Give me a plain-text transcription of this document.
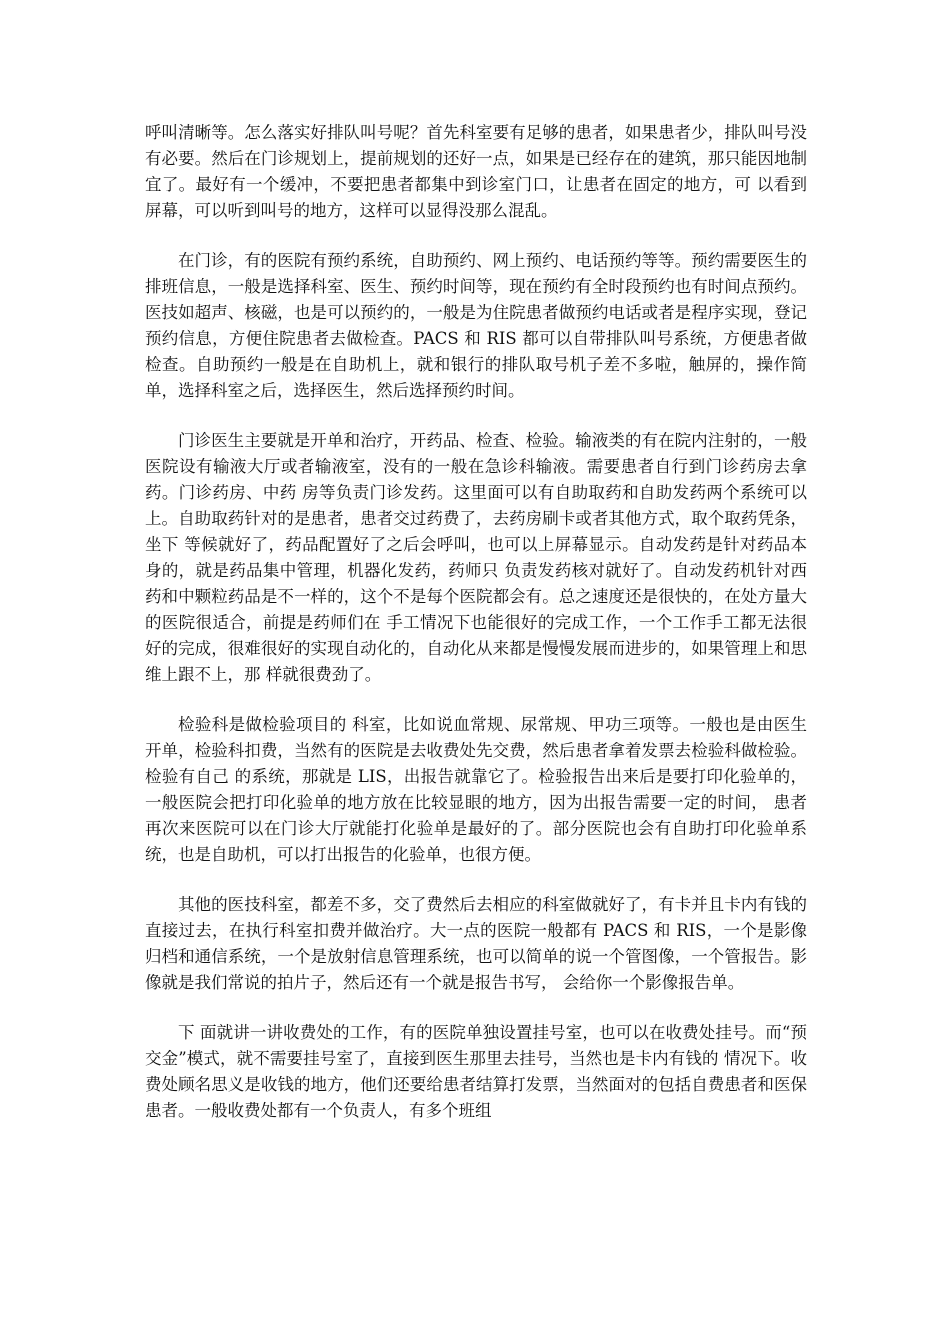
呼叫清晰等。怎么落实好排队叫号呢？首先科室要有足够的患者，如果患者少，排队叫号没有必要。然后在门诊规划上，提前规划的还好一点，如果是已经存在的建筑，那只能因地制宜了。最好有一个缓冲，不要把患者都集中到诊室门口，让患者在固定的地方，可 以看到屏幕，可以听到叫号的地方，这样可以显得没那么混乱。

在门诊，有的医院有预约系统，自助预约、网上预约、电话预约等等。预约需要医生的排班信息，一般是选择科室、医生、预约时间等，现在预约有全时段预约也有时间点预约。医技如超声、核磁，也是可以预约的，一般是为住院患者做预约电话或者是程序实现，登记预约信息，方便住院患者去做检查。PACS 和 RIS 都可以自带排队叫号系统，方便患者做检查。自助预约一般是在自助机上，就和银行的排队取号机子差不多啦，触屏的，操作简单，选择科室之后，选择医生，然后选择预约时间。

门诊医生主要就是开单和治疗，开药品、检查、检验。输液类的有在院内注射的，一般医院设有输液大厅或者输液室，没有的一般在急诊科输液。需要患者自行到门诊药房去拿药。门诊药房、中药 房等负责门诊发药。这里面可以有自助取药和自助发药两个系统可以上。自助取药针对的是患者，患者交过药费了，去药房刷卡或者其他方式，取个取药凭条，坐下 等候就好了，药品配置好了之后会呼叫，也可以上屏幕显示。自动发药是针对药品本身的，就是药品集中管理，机器化发药，药师只 负责发药核对就好了。自动发药机针对西药和中颗粒药品是不一样的，这个不是每个医院都会有。总之速度还是很快的，在处方量大的医院很适合，前提是药师们在 手工情况下也能很好的完成工作，一个工作手工都无法很好的完成，很难很好的实现自动化的，自动化从来都是慢慢发展而进步的，如果管理上和思维上跟不上，那 样就很费劲了。

检验科是做检验项目的 科室，比如说血常规、尿常规、甲功三项等。一般也是由医生开单，检验科扣费，当然有的医院是去收费处先交费，然后患者拿着发票去检验科做检验。检验有自己 的系统，那就是 LIS，出报告就靠它了。检验报告出来后是要打印化验单的，一般医院会把打印化验单的地方放在比较显眼的地方，因为出报告需要一定的时间， 患者再次来医院可以在门诊大厅就能打化验单是最好的了。部分医院也会有自助打印化验单系统，也是自助机，可以打出报告的化验单，也很方便。

其他的医技科室，都差不多，交了费然后去相应的科室做就好了，有卡并且卡内有钱的直接过去，在执行科室扣费并做治疗。大一点的医院一般都有 PACS 和 RIS，一个是影像归档和通信系统，一个是放射信息管理系统，也可以简单的说一个管图像，一个管报告。影像就是我们常说的拍片子，然后还有一个就是报告书写， 会给你一个影像报告单。

下 面就讲一讲收费处的工作，有的医院单独设置挂号室，也可以在收费处挂号。而“预交金”模式，就不需要挂号室了，直接到医生那里去挂号，当然也是卡内有钱的 情况下。收费处顾名思义是收钱的地方，他们还要给患者结算打发票，当然面对的包括自费患者和医保患者。一般收费处都有一个负责人，有多个班组
